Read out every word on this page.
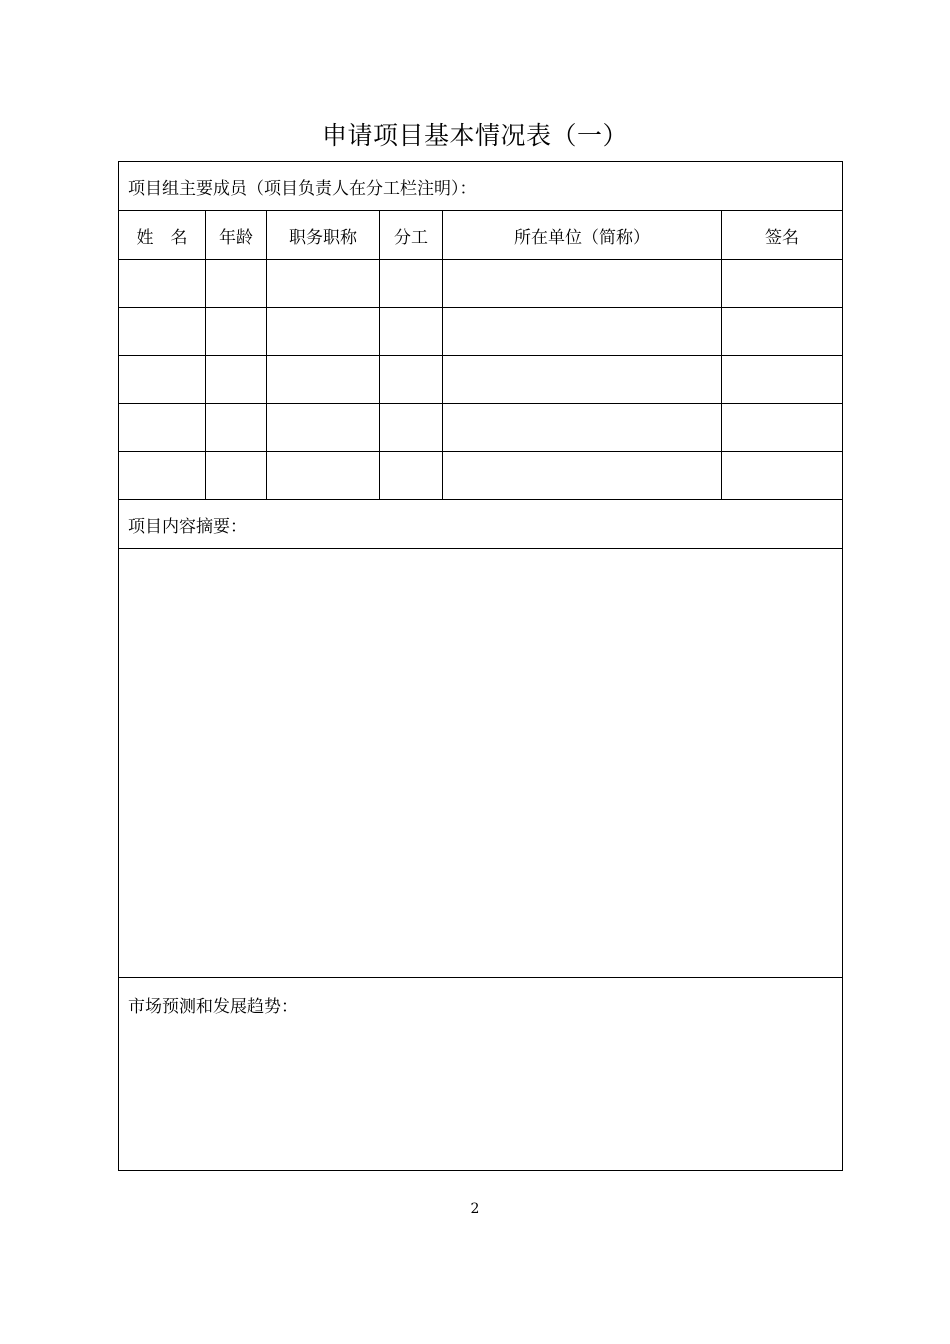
申请项目基本情况表（一）
项目组主要成员（项目负责人在分工栏注明）：					
姓　名	年龄	职务职称	分工	所在单位（简称）	签名

项目内容摘要：					

市场预测和发展趋势：					
2
